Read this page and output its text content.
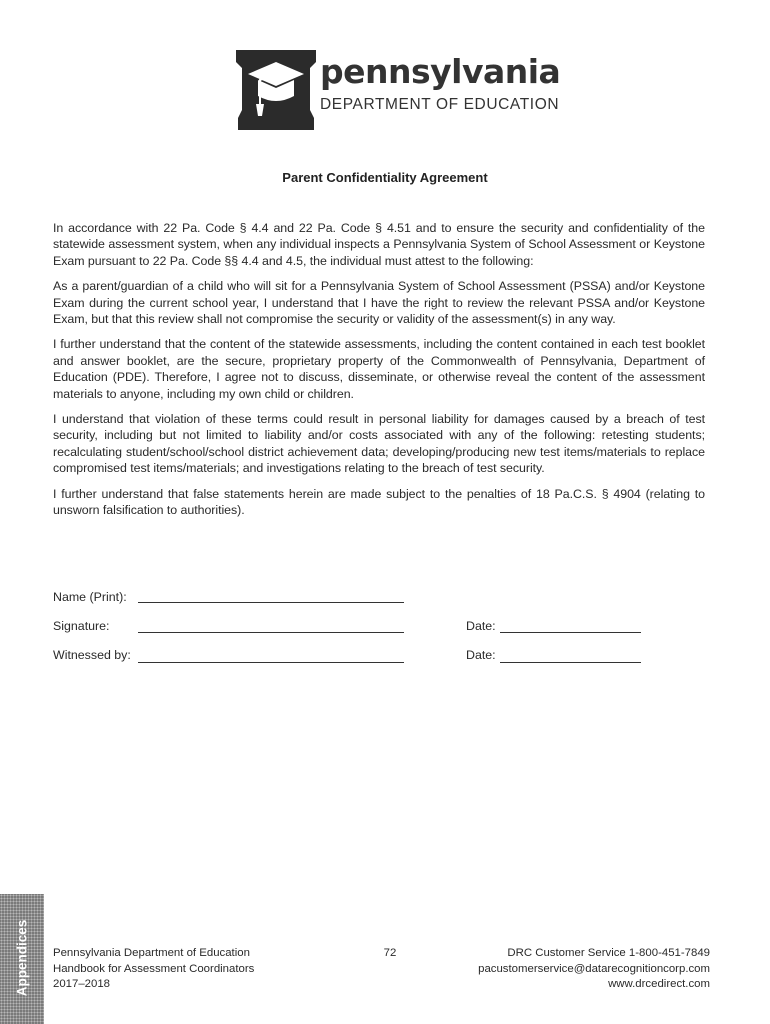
pennsylvania
DEPARTMENT OF EDUCATION
Parent Confidentiality Agreement

In accordance with 22 Pa. Code § 4.4 and 22 Pa. Code § 4.51 and to ensure the security and confidentiality of the statewide assessment system, when any individual inspects a Pennsylvania System of School Assessment or Keystone Exam pursuant to 22 Pa. Code §§ 4.4 and 4.5, the individual must attest to the following:

As a parent/guardian of a child who will sit for a Pennsylvania System of School Assessment (PSSA) and/or Keystone Exam during the current school year, I understand that I have the right to review the relevant PSSA and/or Keystone Exam, but that this review shall not compromise the security or validity of the assessment(s) in any way.

I further understand that the content of the statewide assessments, including the content contained in each test booklet and answer booklet, are the secure, proprietary property of the Commonwealth of Pennsylvania, Department of Education (PDE). Therefore, I agree not to discuss, disseminate, or otherwise reveal the content of the assessment materials to anyone, including my own child or children.

I understand that violation of these terms could result in personal liability for damages caused by a breach of test security, including but not limited to liability and/or costs associated with any of the following: retesting students; recalculating student/school/school district achievement data; developing/producing new test items/materials to replace compromised test items/materials; and investigations relating to the breach of test security.

I further understand that false statements herein are made subject to the penalties of 18 Pa.C.S. § 4904 (relating to unsworn falsification to authorities).

Name (Print):
Signature:	Date:
Witnessed by:	Date:
Appendices Pennsylvania Department of Education
Handbook for Assessment Coordinators
2017–2018
72	DRC Customer Service 1-800-451-7849
pacustomerservice@datarecognitioncorp.com
www.drcedirect.com
